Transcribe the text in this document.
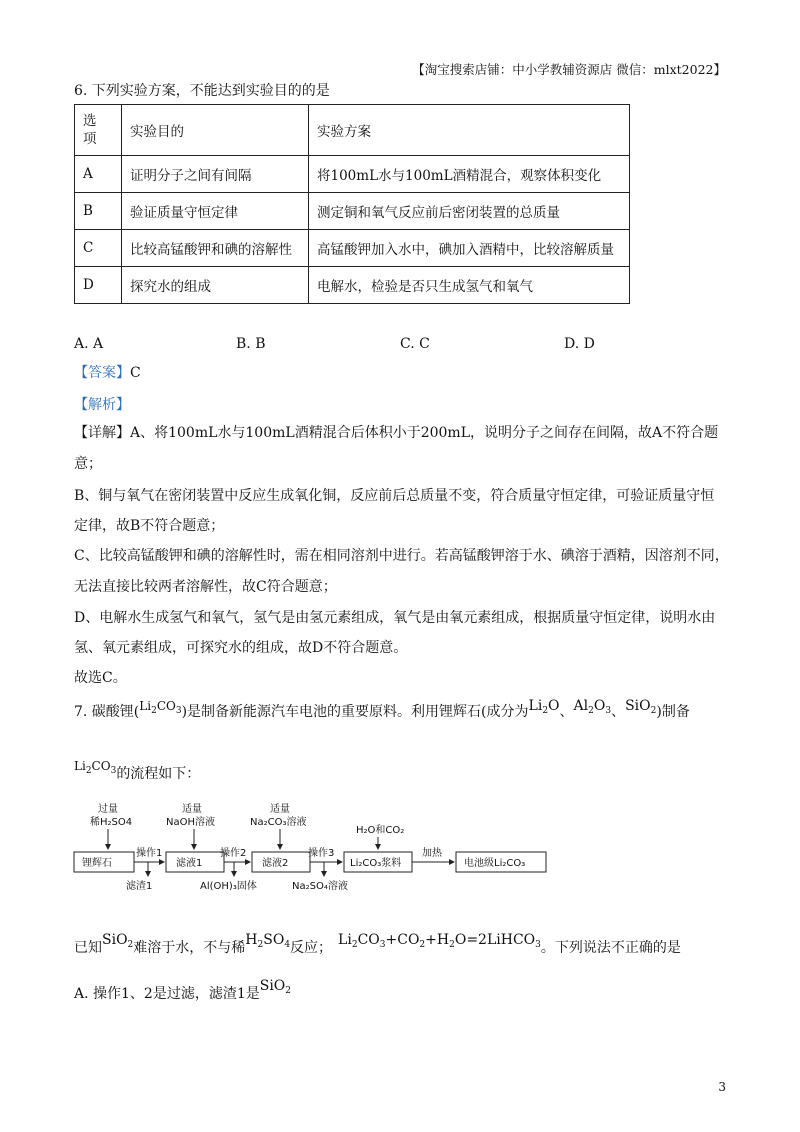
【淘宝搜索店铺：中小学教辅资源店 微信：mlxt2022】
6. 下列实验方案，不能达到实验目的的是
选
项	实验目的	实验方案
A	证明分子之间有间隔	将100mL水与100mL酒精混合，观察体积变化
B	验证质量守恒定律	测定铜和氧气反应前后密闭装置的总质量
C	比较高锰酸钾和碘的溶解性	高锰酸钾加入水中，碘加入酒精中，比较溶解质量
D	探究水的组成	电解水，检验是否只生成氢气和氧气
A. A	B. B	C. C	D. D
【答案】C
【解析】
【详解】A、将100mL水与100mL酒精混合后体积小于200mL，说明分子之间存在间隔，故A不符合题
意；
B、铜与氧气在密闭装置中反应生成氧化铜，反应前后总质量不变，符合质量守恒定律，可验证质量守恒
定律，故B不符合题意；
C、比较高锰酸钾和碘的溶解性时，需在相同溶剂中进行。若高锰酸钾溶于水、碘溶于酒精，因溶剂不同，
无法直接比较两者溶解性，故C符合题意；
D、电解水生成氢气和氧气，氢气是由氢元素组成，氧气是由氧元素组成，根据质量守恒定律，说明水由
氢、氧元素组成，可探究水的组成，故D不符合题意。
故选C。
7. 碳酸锂$(Li_2CO_3)$是制备新能源汽车电池的重要原料。利用锂辉石(成分为$Li_2O$、$Al_2O_3$、SiO$_2$)制备
$Li_2CO_3$的流程如下：
过量
稀H₂SO4
适量
NaOH溶液
适量
Na₂CO₃溶液
H₂O和CO₂
锂辉石	滤液1	滤液2	Li₂CO₃浆料	电池级Li₂CO₃
操作1	操作2	操作3	加热
滤渣1	Al(OH)₃固体	Na₂SO₄溶液
已知SiO$_2$难溶于水，不与稀$H_2SO_4$反应； $Li_2CO_3+CO_2+H_2O=2LiHCO_3$。下列说法不正确的是
A. 操作1、2是过滤，滤渣1是SiO$_2$
3
